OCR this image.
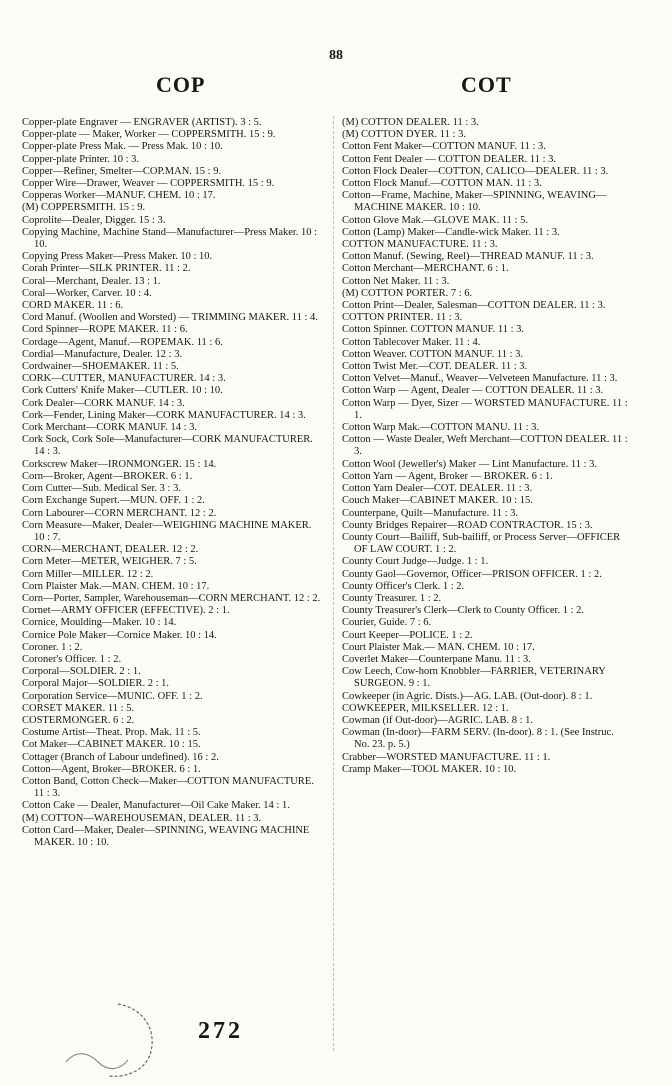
88
COP	COT

Copper-plate Engraver — ENGRAVER (ARTIST). 3 : 5.

Copper-plate — Maker, Worker — COPPERSMITH. 15 : 9.

Copper-plate Press Mak. — Press Mak. 10 : 10.

Copper-plate Printer. 10 : 3.

Copper—Refiner, Smelter—COP.MAN. 15 : 9.

Copper Wire—Drawer, Weaver — COPPERSMITH. 15 : 9.

Copperas Worker—MANUF. CHEM. 10 : 17.

(M) COPPERSMITH. 15 : 9.

Coprolite—Dealer, Digger. 15 : 3.

Copying Machine, Machine Stand—Manufacturer—Press Maker. 10 : 10.

Copying Press Maker—Press Maker. 10 : 10.

Corah Printer—SILK PRINTER. 11 : 2.

Coral—Merchant, Dealer. 13 : 1.

Coral—Worker, Carver. 10 : 4.

CORD MAKER. 11 : 6.

Cord Manuf. (Woollen and Worsted) — TRIMMING MAKER. 11 : 4.

Cord Spinner—ROPE MAKER. 11 : 6.

Cordage—Agent, Manuf.—ROPEMAK. 11 : 6.

Cordial—Manufacture, Dealer. 12 : 3.

Cordwainer—SHOEMAKER. 11 : 5.

CORK—CUTTER, MANUFACTURER. 14 : 3.

Cork Cutters' Knife Maker—CUTLER. 10 : 10.

Cork Dealer—CORK MANUF. 14 : 3.

Cork—Fender, Lining Maker—CORK MANUFACTURER. 14 : 3.

Cork Merchant—CORK MANUF. 14 : 3.

Cork Sock, Cork Sole—Manufacturer—CORK MANUFACTURER. 14 : 3.

Corkscrew Maker—IRONMONGER. 15 : 14.

Corn—Broker, Agent—BROKER. 6 : 1.

Corn Cutter—Sub. Medical Ser. 3 : 3.

Corn Exchange Supert.—MUN. OFF. 1 : 2.

Corn Labourer—CORN MERCHANT. 12 : 2.

Corn Measure—Maker, Dealer—WEIGHING MACHINE MAKER. 10 : 7.

CORN—MERCHANT, DEALER. 12 : 2.

Corn Meter—METER, WEIGHER. 7 : 5.

Corn Miller—MILLER. 12 : 2.

Corn Plaister Mak.—MAN. CHEM. 10 : 17.

Corn—Porter, Sampler, Warehouseman—CORN MERCHANT. 12 : 2.

Cornet—ARMY OFFICER (EFFECTIVE). 2 : 1.

Cornice, Moulding—Maker. 10 : 14.

Cornice Pole Maker—Cornice Maker. 10 : 14.

Coroner. 1 : 2.

Coroner's Officer. 1 : 2.

Corporal—SOLDIER. 2 : 1.

Corporal Major—SOLDIER. 2 : 1.

Corporation Service—MUNIC. OFF. 1 : 2.

CORSET MAKER. 11 : 5.

COSTERMONGER. 6 : 2.

Costume Artist—Theat. Prop. Mak. 11 : 5.

Cot Maker—CABINET MAKER. 10 : 15.

Cottager (Branch of Labour undefined). 16 : 2.

Cotton—Agent, Broker—BROKER. 6 : 1.

Cotton Band, Cotton Check—Maker—COTTON MANUFACTURE. 11 : 3.

Cotton Cake — Dealer, Manufacturer—Oil Cake Maker. 14 : 1.

(M) COTTON—WAREHOUSEMAN, DEALER. 11 : 3.

Cotton Card—Maker, Dealer—SPINNING, WEAVING MACHINE MAKER. 10 : 10.

(M) COTTON DEALER. 11 : 3.

(M) COTTON DYER. 11 : 3.

Cotton Fent Maker—COTTON MANUF. 11 : 3.

Cotton Fent Dealer — COTTON DEALER. 11 : 3.

Cotton Flock Dealer—COTTON, CALICO—DEALER. 11 : 3.

Cotton Flock Manuf.—COTTON MAN. 11 : 3.

Cotton—Frame, Machine, Maker—SPINNING, WEAVING—MACHINE MAKER. 10 : 10.

Cotton Glove Mak.—GLOVE MAK. 11 : 5.

Cotton (Lamp) Maker—Candle-wick Maker. 11 : 3.

COTTON MANUFACTURE. 11 : 3.

Cotton Manuf. (Sewing, Reel)—THREAD MANUF. 11 : 3.

Cotton Merchant—MERCHANT. 6 : 1.

Cotton Net Maker. 11 : 3.

(M) COTTON PORTER. 7 : 6.

Cotton Print—Dealer, Salesman—COTTON DEALER. 11 : 3.

COTTON PRINTER. 11 : 3.

Cotton Spinner. COTTON MANUF. 11 : 3.

Cotton Tablecover Maker. 11 : 4.

Cotton Weaver. COTTON MANUF. 11 : 3.

Cotton Twist Mer.—COT. DEALER. 11 : 3.

Cotton Velvet—Manuf., Weaver—Velveteen Manufacture. 11 : 3.

Cotton Warp — Agent, Dealer — COTTON DEALER. 11 : 3.

Cotton Warp — Dyer, Sizer — WORSTED MANUFACTURE. 11 : 1.

Cotton Warp Mak.—COTTON MANU. 11 : 3.

Cotton — Waste Dealer, Weft Merchant—COTTON DEALER. 11 : 3.

Cotton Wool (Jeweller's) Maker — Lint Manufacture. 11 : 3.

Cotton Yarn — Agent, Broker — BROKER. 6 : 1.

Cotton Yarn Dealer—COT. DEALER. 11 : 3.

Couch Maker—CABINET MAKER. 10 : 15.

Counterpane, Quilt—Manufacture. 11 : 3.

County Bridges Repairer—ROAD CONTRACTOR. 15 : 3.

County Court—Bailiff, Sub-bailiff, or Process Server—OFFICER OF LAW COURT. 1 : 2.

County Court Judge—Judge. 1 : 1.

County Gaol—Governor, Officer—PRISON OFFICER. 1 : 2.

County Officer's Clerk. 1 : 2.

County Treasurer. 1 : 2.

County Treasurer's Clerk—Clerk to County Officer. 1 : 2.

Courier, Guide. 7 : 6.

Court Keeper—POLICE. 1 : 2.

Court Plaister Mak.— MAN. CHEM. 10 : 17.

Coverlet Maker—Counterpane Manu. 11 : 3.

Cow Leech, Cow-horn Knobbler—FARRIER, VETERINARY SURGEON. 9 : 1.

Cowkeeper (in Agric. Dists.)—AG. LAB. (Out-door). 8 : 1.

COWKEEPER, MILKSELLER. 12 : 1.

Cowman (if Out-door)—AGRIC. LAB. 8 : 1.

Cowman (In-door)—FARM SERV. (In-door). 8 : 1. (See Instruc. No. 23. p. 5.)

Crabber—WORSTED MANUFACTURE. 11 : 1.

Cramp Maker—TOOL MAKER. 10 : 10.

272
